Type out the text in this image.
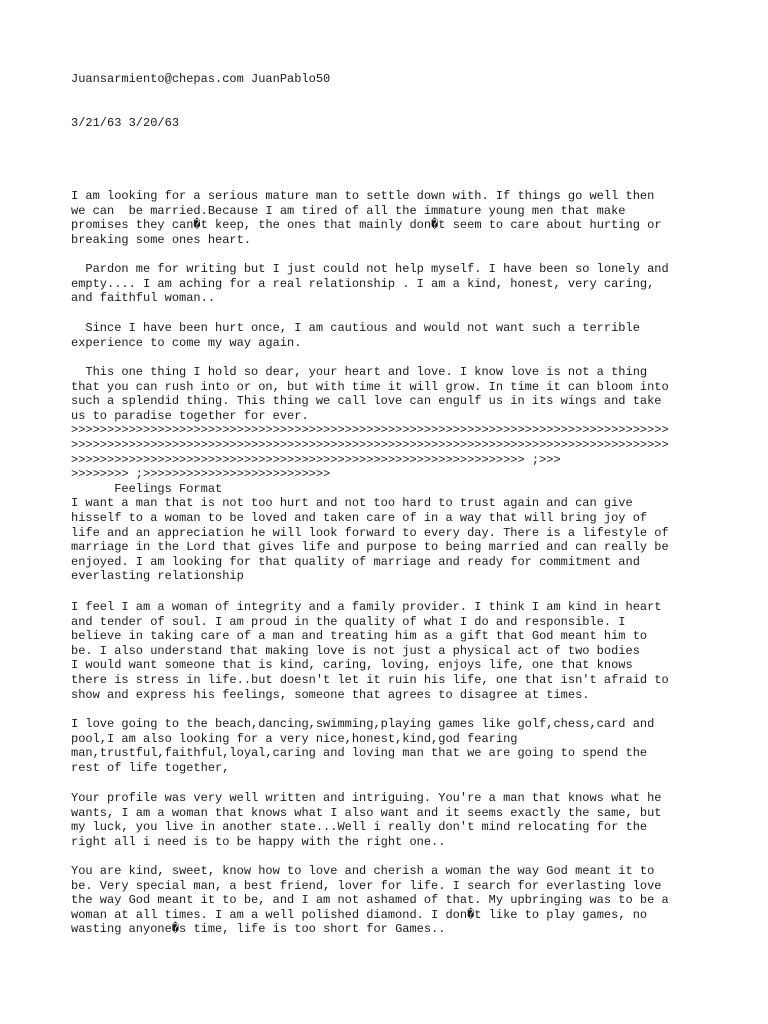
Juansarmiento@chepas.com JuanPablo50
3/21/63 3/20/63
I am looking for a serious mature man to settle down with. If things go well then
we can  be married.Because I am tired of all the immature young men that make
promises they can�t keep, the ones that mainly don�t seem to care about hurting or
breaking some ones heart.
Pardon me for writing but I just could not help myself. I have been so lonely and
empty.... I am aching for a real relationship . I am a kind, honest, very caring,
and faithful woman..
Since I have been hurt once, I am cautious and would not want such a terrible
experience to come my way again.
This one thing I hold so dear, your heart and love. I know love is not a thing
that you can rush into or on, but with time it will grow. In time it can bloom into
such a splendid thing. This thing we call love can engulf us in its wings and take
us to paradise together for ever.
>>>>>>>>>>>>>>>>>>>>>>>>>>>>>>>>>>>>>>>>>>>>>>>>>>>>>>>>>>>>>>>>>>>>>>>>>>>>>>>>>>>
>>>>>>>>>>>>>>>>>>>>>>>>>>>>>>>>>>>>>>>>>>>>>>>>>>>>>>>>>>>>>>>>>>>>>>>>>>>>>>>>>>>
>>>>>>>>>>>>>>>>>>>>>>>>>>>>>>>>>>>>>>>>>>>>>>>>>>>>>>>>>>>>>>> ;>>>
>>>>>>>> ;>>>>>>>>>>>>>>>>>>>>>>>>>>
Feelings Format
I want a man that is not too hurt and not too hard to trust again and can give
hisself to a woman to be loved and taken care of in a way that will bring joy of
life and an appreciation he will look forward to every day. There is a lifestyle of
marriage in the Lord that gives life and purpose to being married and can really be
enjoyed. I am looking for that quality of marriage and ready for commitment and
everlasting relationship
I feel I am a woman of integrity and a family provider. I think I am kind in heart
and tender of soul. I am proud in the quality of what I do and responsible. I
believe in taking care of a man and treating him as a gift that God meant him to
be. I also understand that making love is not just a physical act of two bodies
I would want someone that is kind, caring, loving, enjoys life, one that knows
there is stress in life..but doesn't let it ruin his life, one that isn't afraid to
show and express his feelings, someone that agrees to disagree at times.
I love going to the beach,dancing,swimming,playing games like golf,chess,card and
pool,I am also looking for a very nice,honest,kind,god fearing
man,trustful,faithful,loyal,caring and loving man that we are going to spend the
rest of life together,
Your profile was very well written and intriguing. You're a man that knows what he
wants, I am a woman that knows what I also want and it seems exactly the same, but
my luck, you live in another state...Well i really don't mind relocating for the
right all i need is to be happy with the right one..
You are kind, sweet, know how to love and cherish a woman the way God meant it to
be. Very special man, a best friend, lover for life. I search for everlasting love
the way God meant it to be, and I am not ashamed of that. My upbringing was to be a
woman at all times. I am a well polished diamond. I don�t like to play games, no
wasting anyone�s time, life is too short for Games..
